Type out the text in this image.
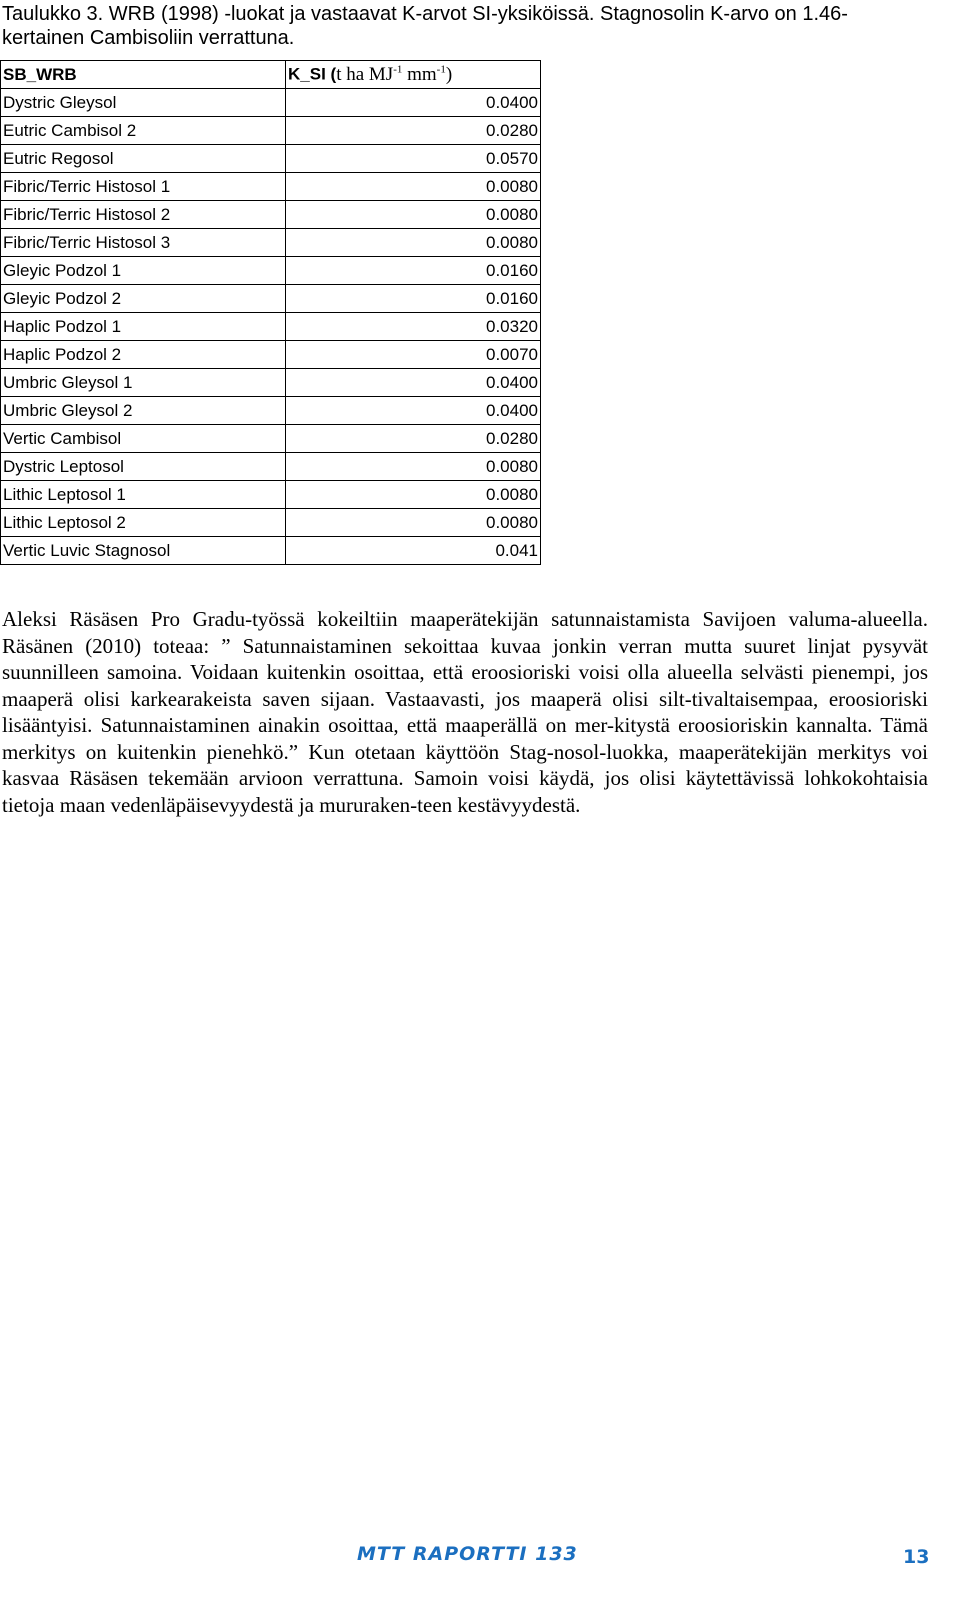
Taulukko 3. WRB (1998) -luokat ja vastaavat K-arvot SI-yksiköissä. Stagnosolin K-arvo on 1.46-kertainen Cambisoliin verrattuna.
SB_WRB	K_SI (t ha $MJ^{-1}$ $mm^{-1}$)
Dystric Gleysol	0.0400
Eutric Cambisol 2	0.0280
Eutric Regosol	0.0570
Fibric/Terric Histosol 1	0.0080
Fibric/Terric Histosol 2	0.0080
Fibric/Terric Histosol 3	0.0080
Gleyic Podzol 1	0.0160
Gleyic Podzol 2	0.0160
Haplic Podzol 1	0.0320
Haplic Podzol 2	0.0070
Umbric Gleysol 1	0.0400
Umbric Gleysol 2	0.0400
Vertic Cambisol	0.0280
Dystric Leptosol	0.0080
Lithic Leptosol 1	0.0080
Lithic Leptosol 2	0.0080
Vertic Luvic Stagnosol	0.041

Aleksi Räsäsen Pro Gradu-työssä kokeiltiin maaperätekijän satunnaistamista Savijoen valuma-alueella. Räsänen (2010) toteaa: ” Satunnaistaminen sekoittaa kuvaa jonkin verran mutta suuret linjat pysyvät suunnilleen samoina. Voidaan kuitenkin osoittaa, että eroosioriski voisi olla alueella selvästi pienempi, jos maaperä olisi karkearakeista saven sijaan. Vastaavasti, jos maaperä olisi silt-tivaltaisempaa, eroosioriski lisääntyisi. Satunnaistaminen ainakin osoittaa, että maaperällä on mer-kitystä eroosioriskin kannalta. Tämä merkitys on kuitenkin pienehkö.” Kun otetaan käyttöön Stag-nosol-luokka, maaperätekijän merkitys voi kasvaa Räsäsen tekemään arvioon verrattuna. Samoin voisi käydä, jos olisi käytettävissä lohkokohtaisia tietoja maan vedenläpäisevyydestä ja mururaken-teen kestävyydestä.

MTT RAPORTTI 133	13
